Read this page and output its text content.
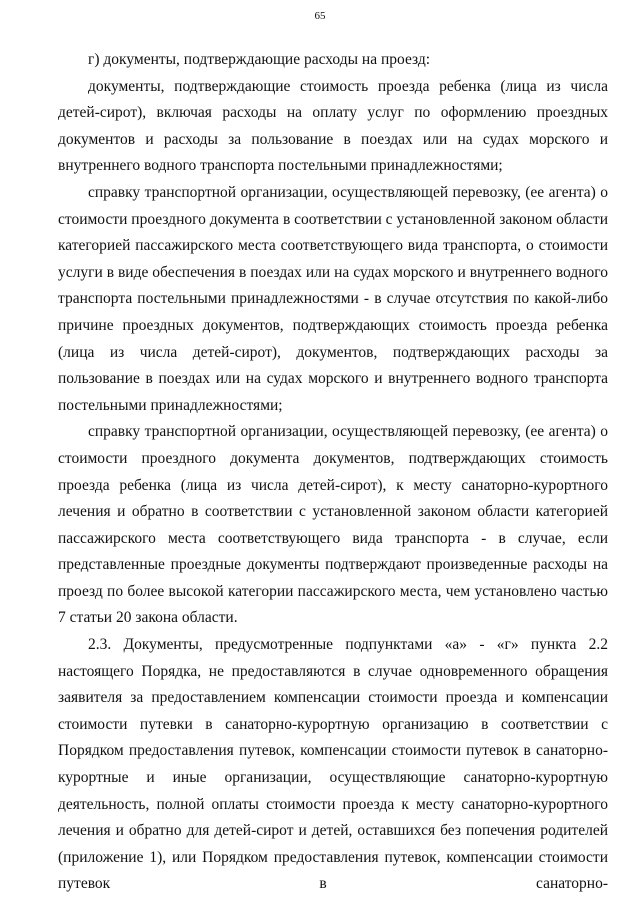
65

г) документы, подтверждающие расходы на проезд:

документы, подтверждающие стоимость проезда ребенка (лица из числа детей-сирот), включая расходы на оплату услуг по оформлению проездных документов и расходы за пользование в поездах или на судах морского и внутреннего водного транспорта постельными принадлежностями;

справку транспортной организации, осуществляющей перевозку, (ее агента) о стоимости проездного документа в соответствии с установленной законом области категорией пассажирского места соответствующего вида транспорта, о стоимости услуги в виде обеспечения в поездах или на судах морского и внутреннего водного транспорта постельными принадлежностями - в случае отсутствия по какой-либо причине проездных документов, подтверждающих стоимость проезда ребенка (лица из числа детей-сирот), документов, подтверждающих расходы за пользование в поездах или на судах морского и внутреннего водного транспорта постельными принадлежностями;

справку транспортной организации, осуществляющей перевозку, (ее агента) о стоимости проездного документа документов, подтверждающих стоимость проезда ребенка (лица из числа детей-сирот), к месту санаторно-курортного лечения и обратно в соответствии с установленной законом области категорией пассажирского места соответствующего вида транспорта - в случае, если представленные проездные документы подтверждают произведенные расходы на проезд по более высокой категории пассажирского места, чем установлено частью 7 статьи 20 закона области.

2.3. Документы, предусмотренные подпунктами «а» - «г» пункта 2.2 настоящего Порядка, не предоставляются в случае одновременного обращения заявителя за предоставлением компенсации стоимости проезда и компенсации стоимости путевки в санаторно-курортную организацию в соответствии с Порядком предоставления путевок, компенсации стоимости путевок в санаторно-курортные и иные организации, осуществляющие санаторно-курортную деятельность, полной оплаты стоимости проезда к месту санаторно-курортного лечения и обратно для детей-сирот и детей, оставшихся без попечения родителей (приложение 1), или Порядком предоставления путевок, компенсации стоимости путевок в санаторно-
